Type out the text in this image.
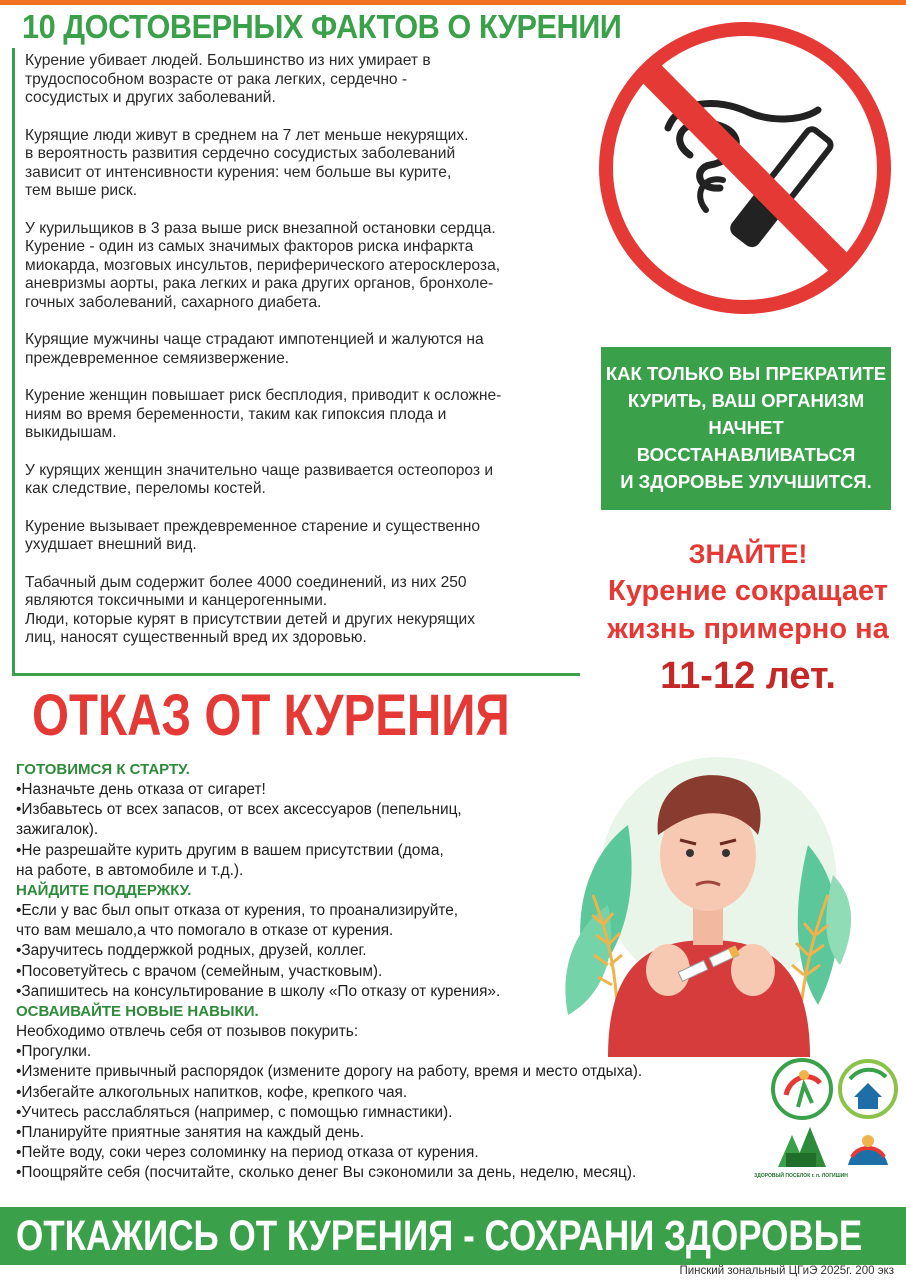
10 ДОСТОВЕРНЫХ ФАКТОВ О КУРЕНИИ
Курение убивает людей. Большинство из них умирает в
трудоспособном возрасте от рака легких, сердечно -
сосудистых и других заболеваний.
Курящие люди живут в среднем на 7 лет меньше некурящих.
в вероятность развития сердечно сосудистых заболеваний
зависит от интенсивности курения: чем больше вы курите,
тем выше риск.
У курильщиков в 3 раза выше риск внезапной остановки сердца.
Курение - один из самых значимых факторов риска инфаркта
миокарда, мозговых инсультов, периферического атеросклероза,
аневризмы аорты, рака легких и рака других органов, бронхоле-
гочных заболеваний, сахарного диабета.
Курящие мужчины чаще страдают импотенцией и жалуются на
преждевременное семяизвержение.
Курение женщин повышает риск бесплодия, приводит к осложне-
ниям во время беременности, таким как гипоксия плода и
выкидышам.
У курящих женщин значительно чаще развивается остеопороз и
как следствие, переломы костей.
Курение вызывает преждевременное старение и существенно
ухудшает внешний вид.
Табачный дым содержит более 4000 соединений, из них 250
являются токсичными и канцерогенными.
Люди, которые курят в присутствии детей и других некурящих
лиц, наносят существенный вред их здоровью.
КАК ТОЛЬКО ВЫ ПРЕКРАТИТЕ
КУРИТЬ, ВАШ ОРГАНИЗМ
НАЧНЕТ
ВОССТАНАВЛИВАТЬСЯ
И ЗДОРОВЬЕ УЛУЧШИТСЯ.
ЗНАЙТЕ!
Курение сокращает
жизнь примерно на
11-12 лет.
ОТКАЗ ОТ КУРЕНИЯ
ГОТОВИМСЯ К СТАРТУ.
•Назначьте день отказа от сигарет!
•Избавьтесь от всех запасов, от всех аксессуаров (пепельниц,
зажигалок).
•Не разрешайте курить другим в вашем присутствии (дома,
на работе, в автомобиле и т.д.).
НАЙДИТЕ ПОДДЕРЖКУ.
•Если у вас был опыт отказа от курения, то проанализируйте,
что вам мешало,а что помогало в отказе от курения.
•Заручитесь поддержкой родных, друзей, коллег.
•Посоветуйтесь с врачом (семейным, участковым).
•Запишитесь на консультирование в школу «По отказу от курения».
ОСВАИВАЙТЕ НОВЫЕ НАВЫКИ.
Необходимо отвлечь себя от позывов покурить:
•Прогулки.
•Измените привычный распорядок (измените дорогу на работу, время и место отдыха).
•Избегайте алкогольных напитков, кофе, крепкого чая.
•Учитесь расслабляться (например, с помощью гимнастики).
•Планируйте приятные занятия на каждый день.
•Пейте воду, соки через соломинку на период отказа от курения.
•Поощряйте себя (посчитайте, сколько денег Вы сэкономили за день, неделю, месяц).	ЗДОРОВЫЙ ПОСЕЛОК г. п. ЛОГИШИН
ОТКАЖИСЬ ОТ КУРЕНИЯ - СОХРАНИ ЗДОРОВЬЕ
Пинский зональный ЦГиЭ 2025г. 200 экз
